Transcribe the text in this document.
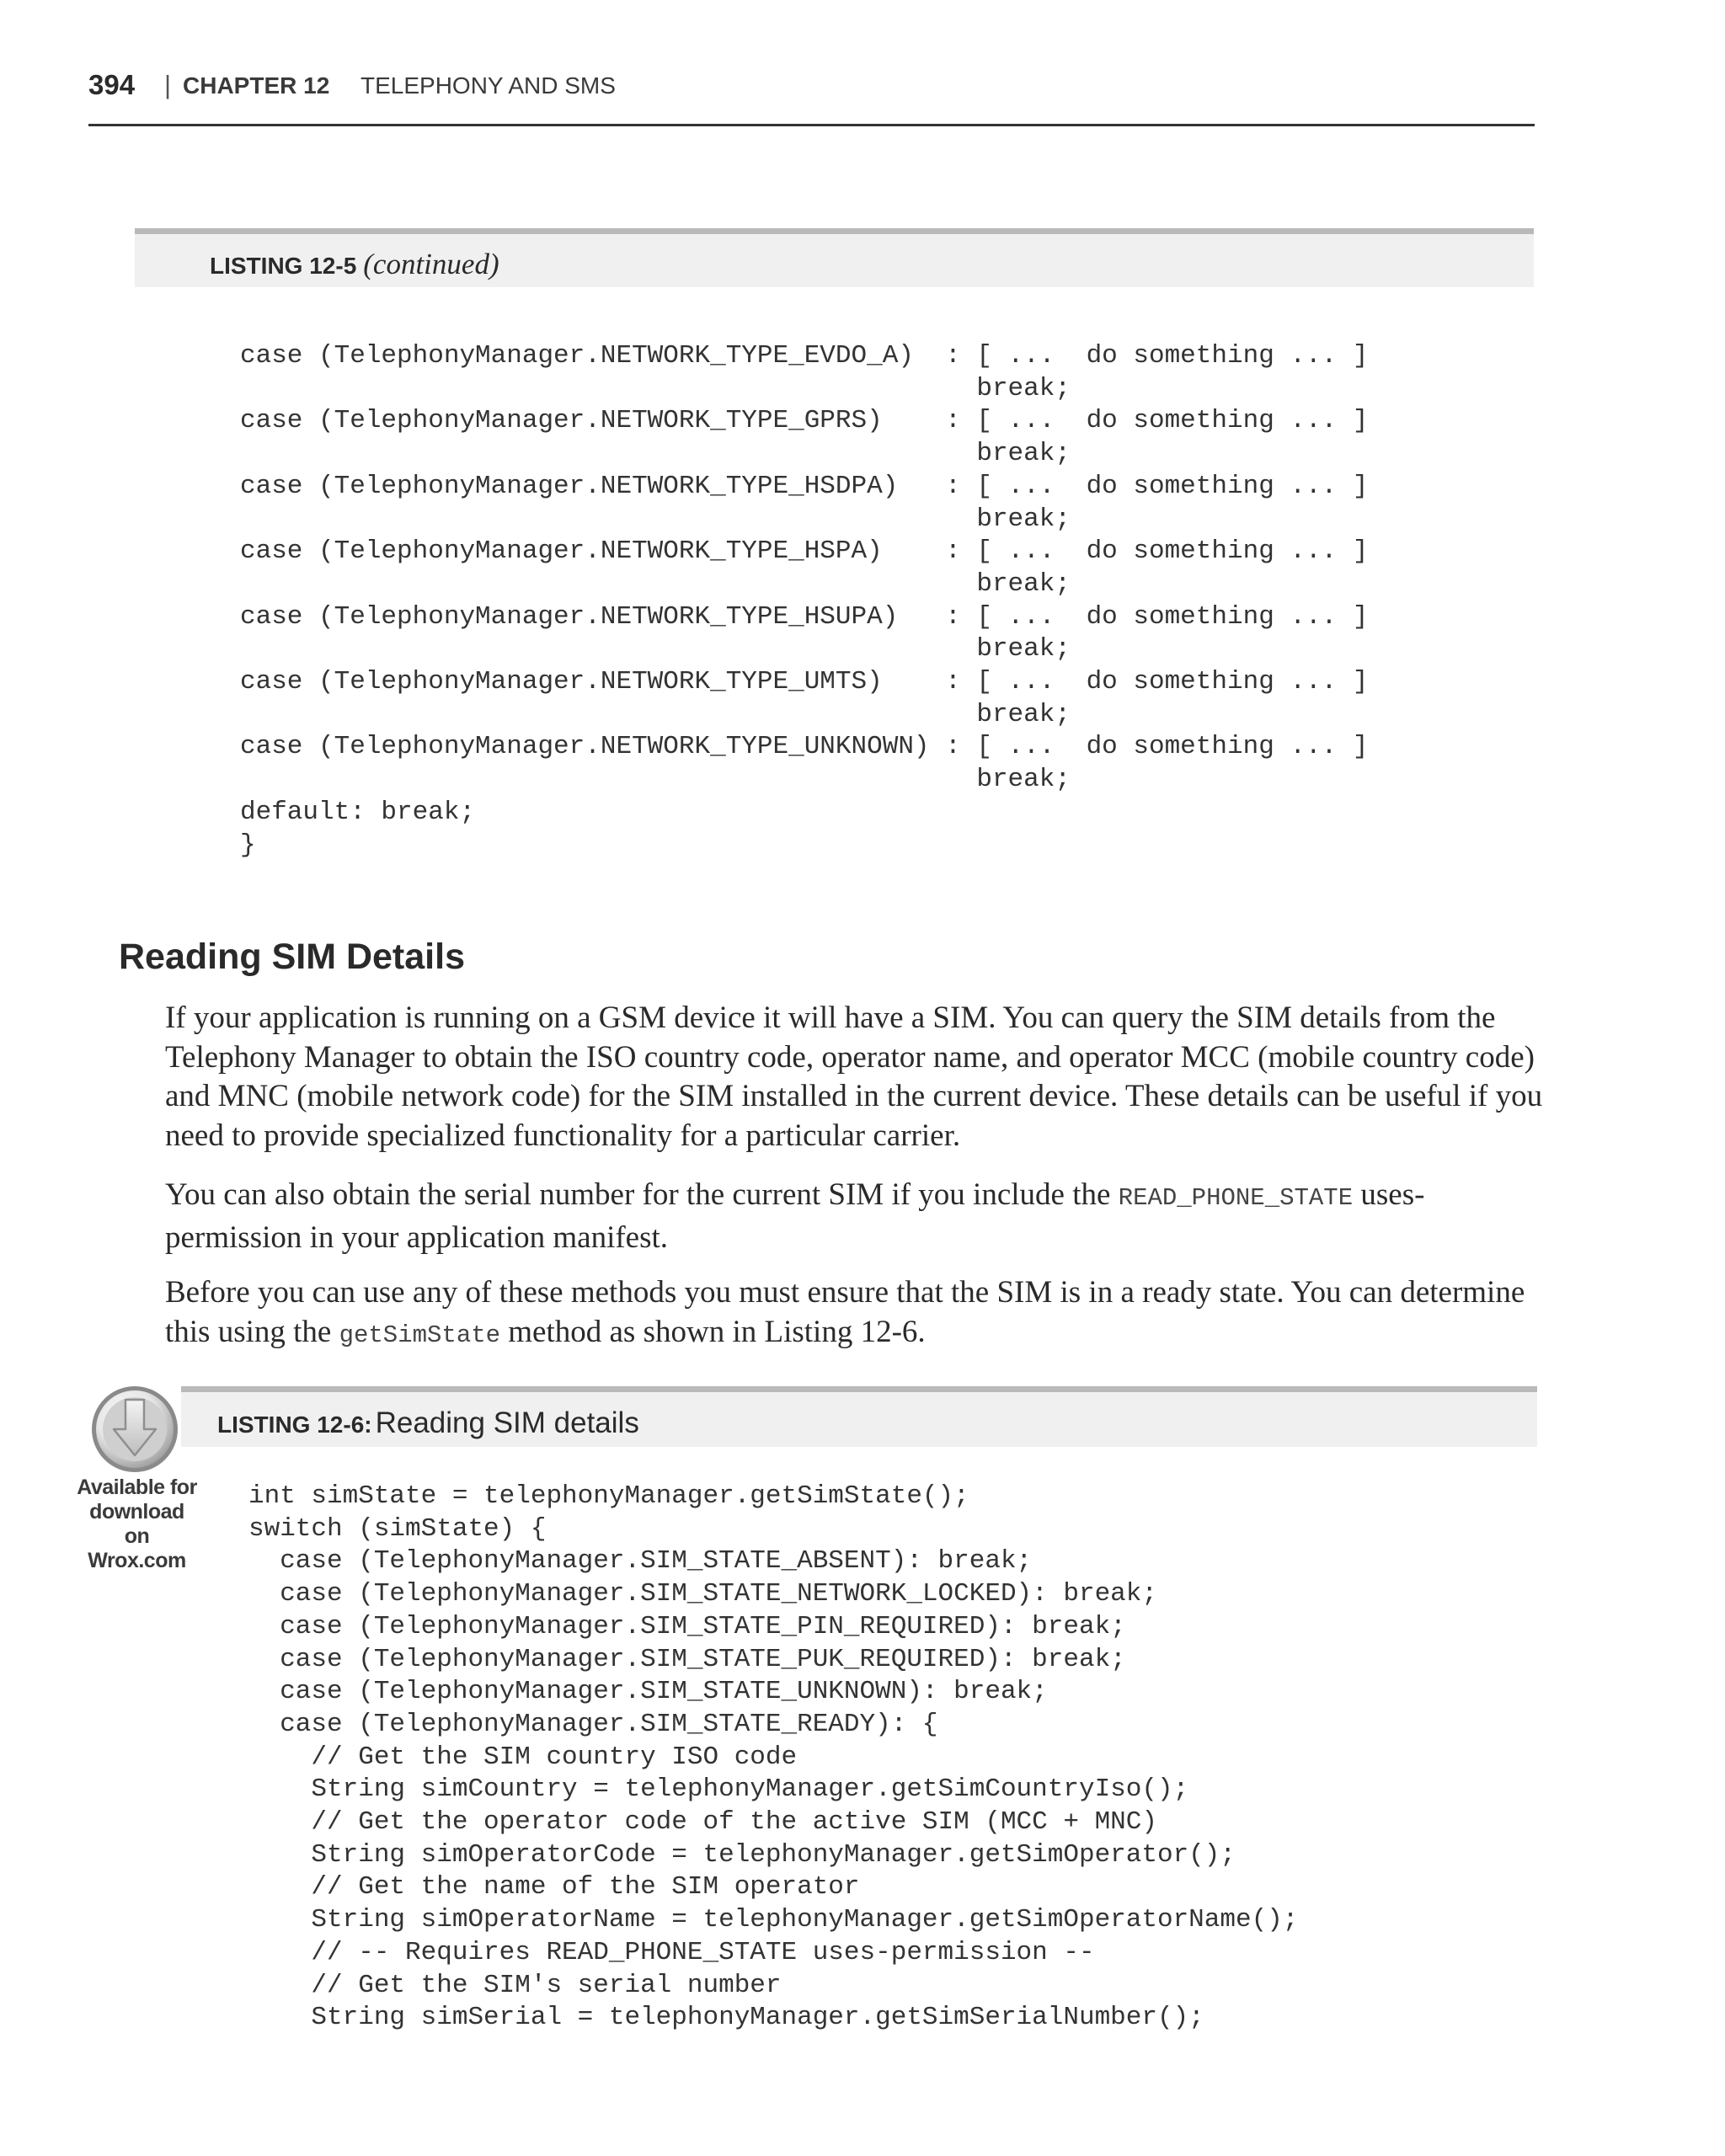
394 | CHAPTER 12 TELEPHONY AND SMS
LISTING 12-5 (continued)
case (TelephonyManager.NETWORK_TYPE_EVDO_A)  : [ ...  do something ... ]
break;
case (TelephonyManager.NETWORK_TYPE_GPRS)    : [ ...  do something ... ]
break;
case (TelephonyManager.NETWORK_TYPE_HSDPA)   : [ ...  do something ... ]
break;
case (TelephonyManager.NETWORK_TYPE_HSPA)    : [ ...  do something ... ]
break;
case (TelephonyManager.NETWORK_TYPE_HSUPA)   : [ ...  do something ... ]
break;
case (TelephonyManager.NETWORK_TYPE_UMTS)    : [ ...  do something ... ]
break;
case (TelephonyManager.NETWORK_TYPE_UNKNOWN) : [ ...  do something ... ]
break;
default: break;
}
Reading SIM Details

If your application is running on a GSM device it will have a SIM. You can query the SIM details from the Telephony Manager to obtain the ISO country code, operator name, and operator MCC (mobile country code) and MNC (mobile network code) for the SIM installed in the current device. These details can be useful if you need to provide specialized functionality for a particular carrier.

You can also obtain the serial number for the current SIM if you include the READ_PHONE_STATE uses-permission in your application manifest.

Before you can use any of these methods you must ensure that the SIM is in a ready state. You can determine this using the getSimState method as shown in Listing 12-6.

LISTING 12-6: Reading SIM details
Available for
download on
Wrox.com
int simState = telephonyManager.getSimState();
switch (simState) {
case (TelephonyManager.SIM_STATE_ABSENT): break;
case (TelephonyManager.SIM_STATE_NETWORK_LOCKED): break;
case (TelephonyManager.SIM_STATE_PIN_REQUIRED): break;
case (TelephonyManager.SIM_STATE_PUK_REQUIRED): break;
case (TelephonyManager.SIM_STATE_UNKNOWN): break;
case (TelephonyManager.SIM_STATE_READY): {
// Get the SIM country ISO code
String simCountry = telephonyManager.getSimCountryIso();
// Get the operator code of the active SIM (MCC + MNC)
String simOperatorCode = telephonyManager.getSimOperator();
// Get the name of the SIM operator
String simOperatorName = telephonyManager.getSimOperatorName();
// -- Requires READ_PHONE_STATE uses-permission --
// Get the SIM's serial number
String simSerial = telephonyManager.getSimSerialNumber();
